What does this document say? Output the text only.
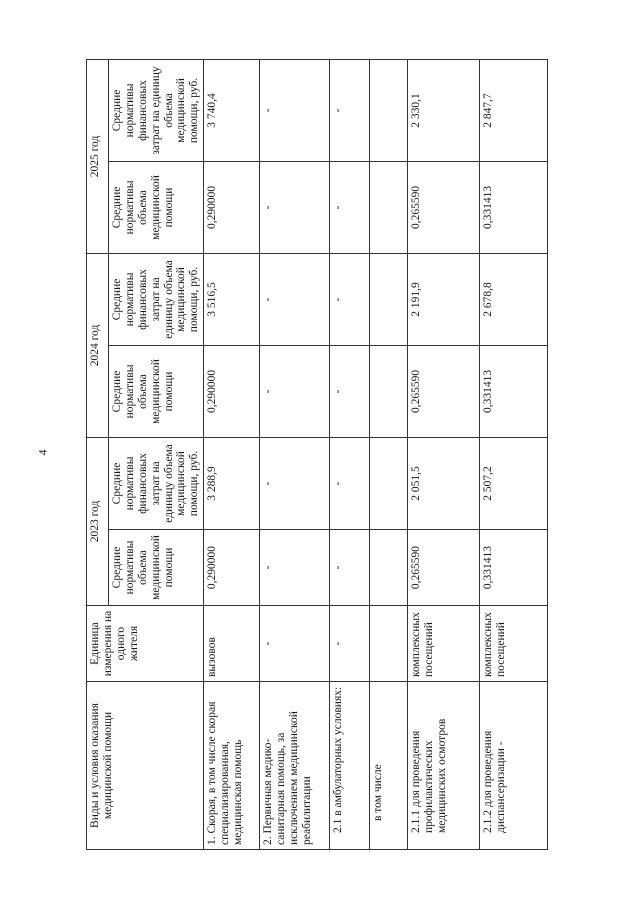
4
Виды и условия оказания медицинской помощи	Единица измерения на одного жителя	2023 год		2024 год		2025 год	
		Средние нормативы объема медицинской помощи	Средние нормативы финансовых затрат на единицу объема медицинской помощи, руб.	Средние нормативы объема медицинской помощи	Средние нормативы финансовых затрат на единицу объема медицинской помощи, руб.	Средние нормативы объема медицинской помощи	Средние нормативы финансовых затрат на единицу объема медицинской помощи, руб.
1. Скорая, в том числе скорая специализированная, медицинская помощь	вызовов	0,290000	3 288,9	0,290000	3 516,5	0,290000	3 740,4
2. Первичная медико-санитарная помощь, за исключением медицинской реабилитации	-	-	-	-	-	-	-
2.1 в амбулаторных условиях:	-	-	-	-	-	-	-
в том числе							
2.1.1 для проведения профилактических медицинских осмотров	комплексных посещений	0,265590	2 051,5	0,265590	2 191,9	0,265590	2 330,1
2.1.2 для проведения диспансеризации -	комплексных посещений	0,331413	2 507,2	0,331413	2 678,8	0,331413	2 847,7
